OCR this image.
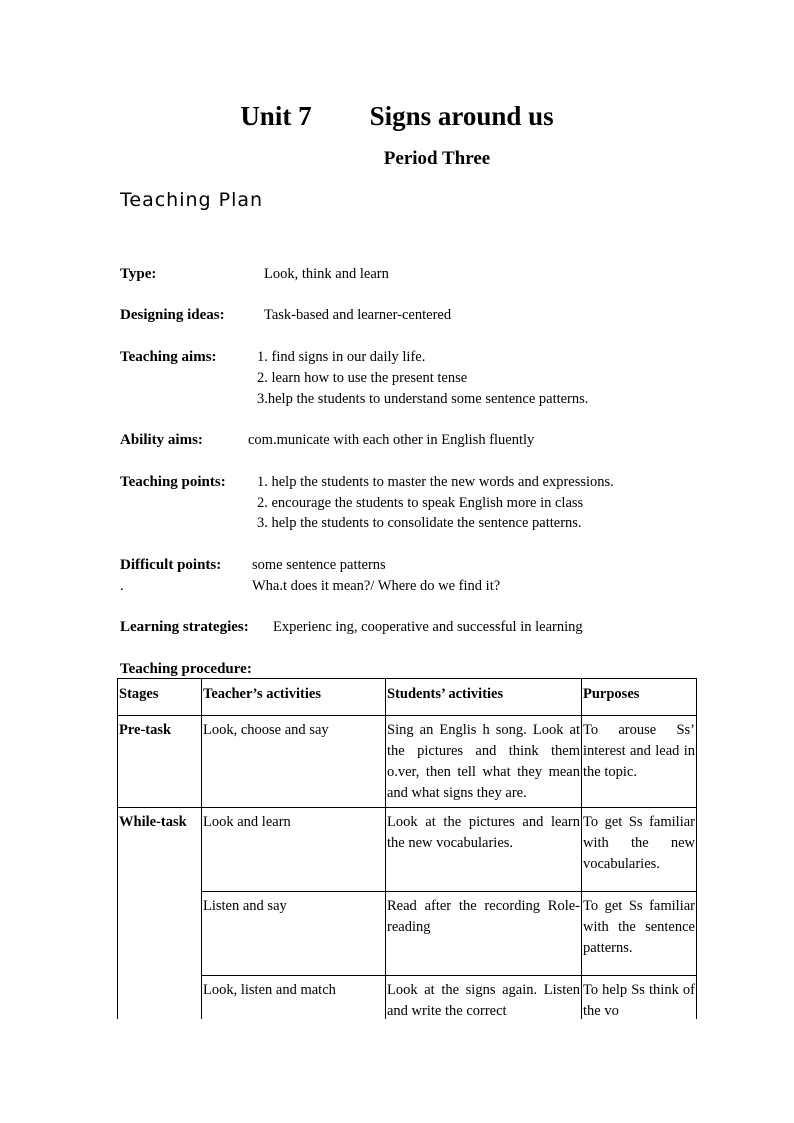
Unit 7 Signs around us
Period Three
Teaching Plan
Type:	Look, think and learn
Designing ideas:	Task-based and learner-centered
Teaching aims:	1. find signs in our daily life.
2. learn how to use the present tense
3.help the students to understand some sentence patterns.
Ability aims:	com.municate with each other in English fluently
Teaching points: 1. help the students to master the new words and expressions.
2. encourage the students to speak English more in class
3. help the students to consolidate the sentence patterns.
Difficult points: some sentence patterns
.	Wha.t does it mean?/ Where do we find it?
Learning strategies: Experienc ing, cooperative and successful in learning
Teaching procedure:
Stages	Teacher’s activities	Students’ activities	Purposes
Pre-task	Look, choose and say	Sing an Englis h song. Look at the pictures and think them o.ver, then tell what they mean and what signs they are.	To arouse Ss’ interest and lead in the topic.
While-task	Look and learn	Look at the pictures and learn the new vocabularies.	To get Ss familiar with the new vocabularies.
	Listen and say	Read after the recording Role-reading	To get Ss familiar with the sentence patterns.
	Look, listen and match	Look at the signs again. Listen and write the correct	To help Ss think of the vo
